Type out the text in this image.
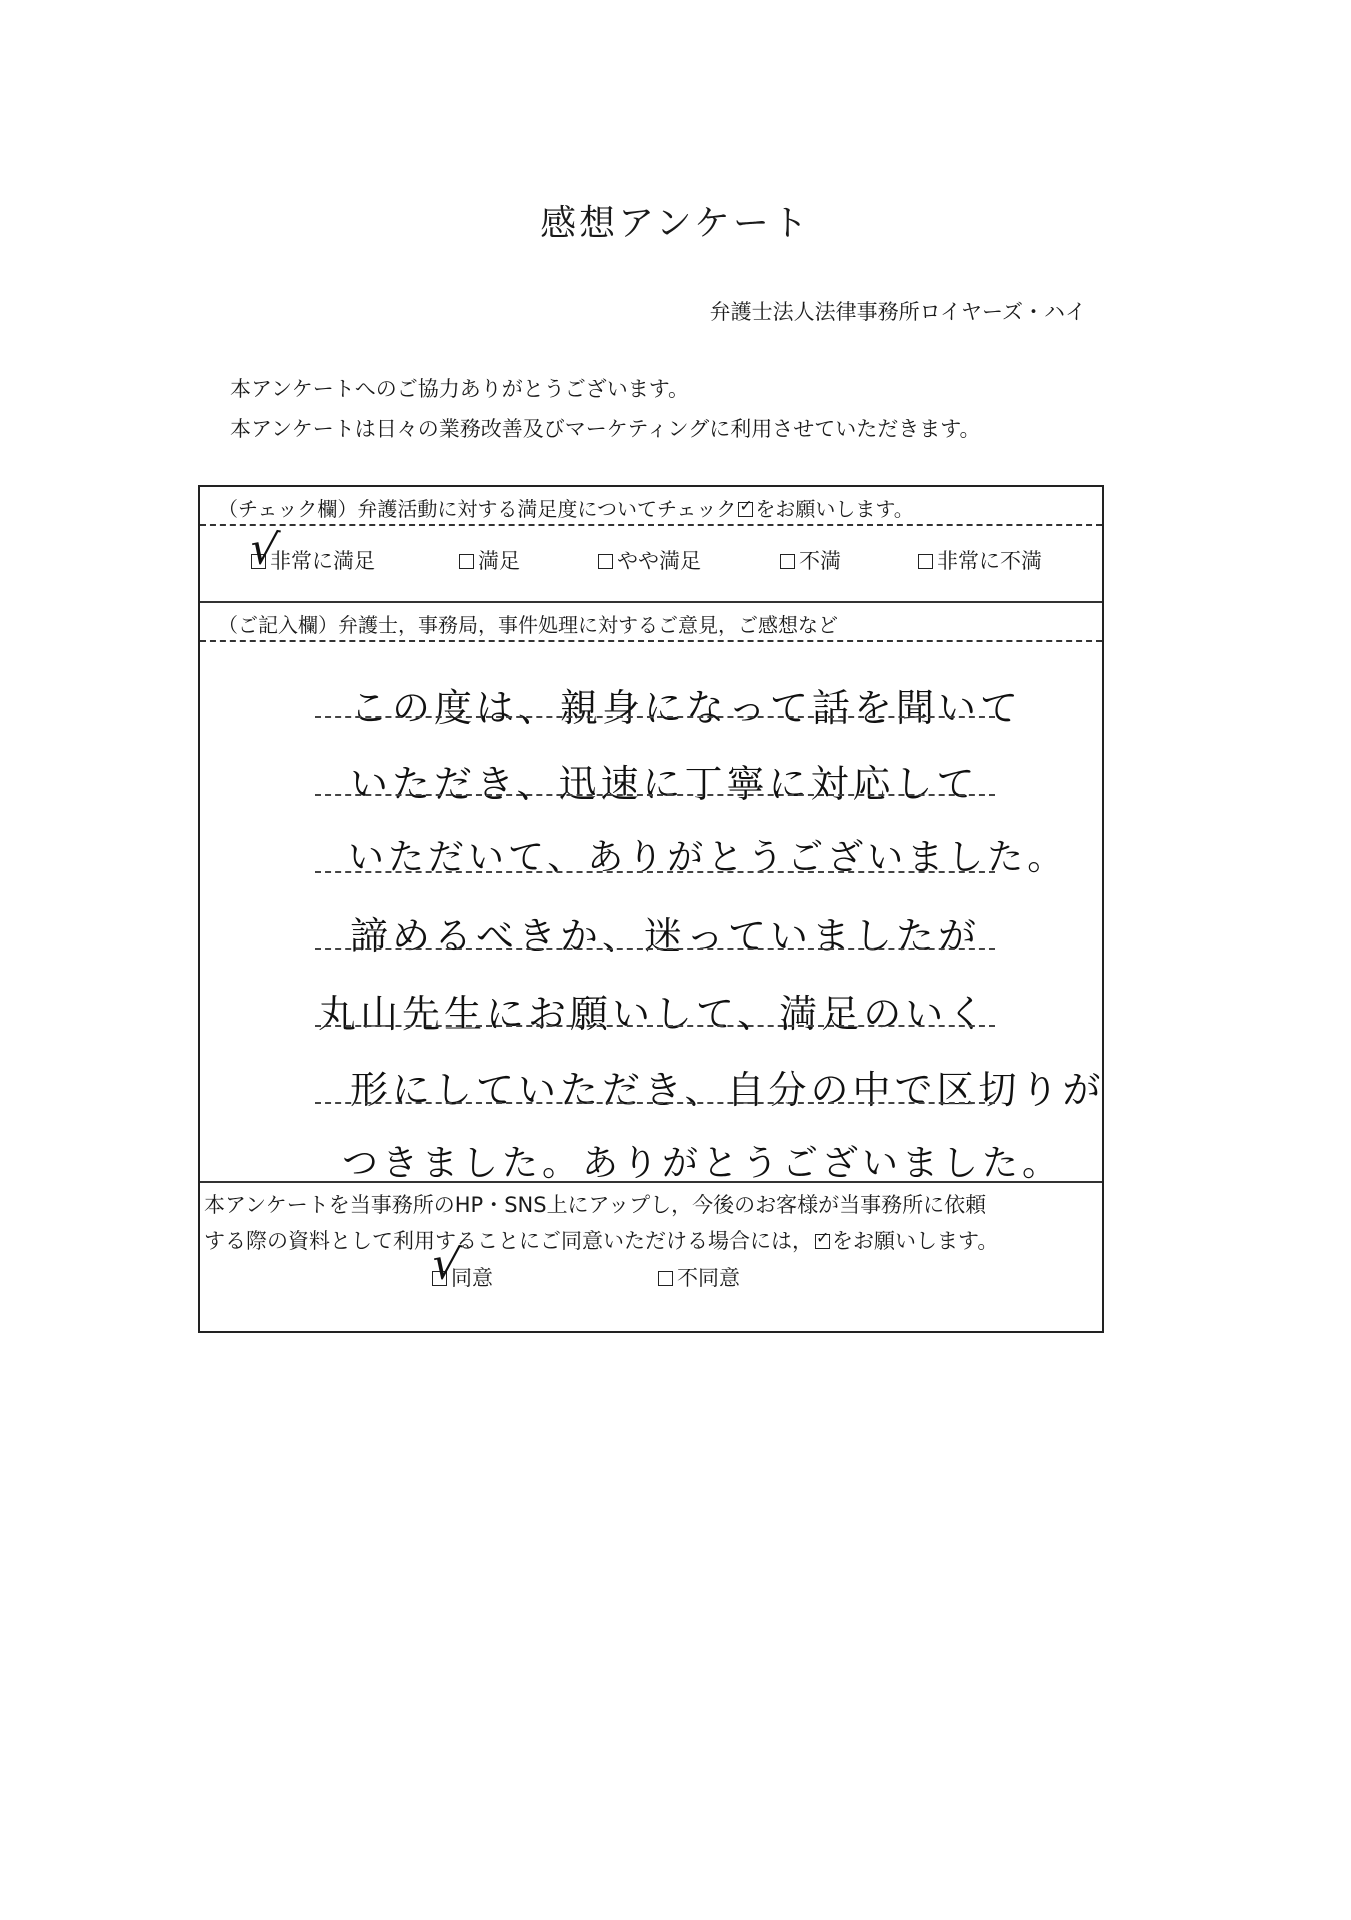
感想アンケート
弁護士法人法律事務所ロイヤーズ・ハイ
本アンケートへのご協力ありがとうございます。
本アンケートは日々の業務改善及びマーケティングに利用させていただきます。
（チェック欄）弁護活動に対する満足度についてチェック ✓ をお願いします。
非常に満足
√	満足	やや満足	不満	非常に不満
（ご記入欄）弁護士，事務局，事件処理に対するご意見，ご感想など
この度は、親身になって話を聞いて
いただき、迅速に丁寧に対応して
いただいて、ありがとうございました。
諦めるべきか、迷っていましたが
丸山先生にお願いして、満足のいく
形にしていただき、自分の中で区切りが
つきました。ありがとうございました。
本アンケートを当事務所のHP・SNS上にアップし，今後のお客様が当事務所に依頼
する際の資料として利用することにご同意いただける場合には， ✓ をお願いします。
同意
√	不同意
